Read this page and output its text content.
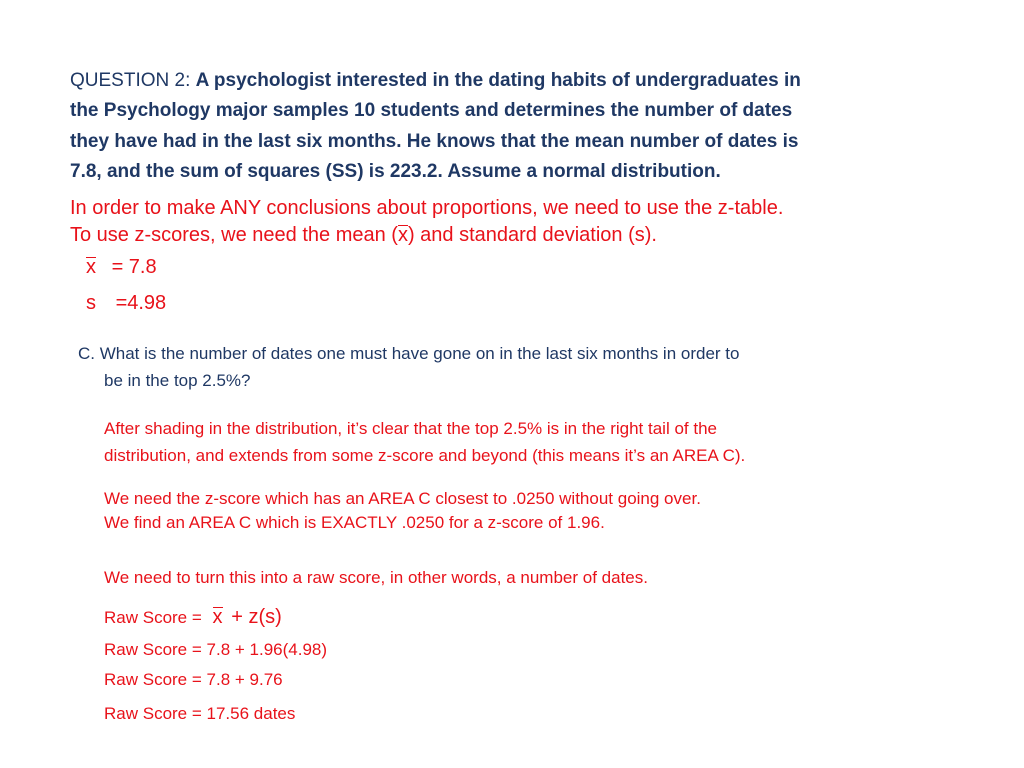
QUESTION 2: A psychologist interested in the dating habits of undergraduates in
the Psychology major samples 10 students and determines the number of dates
they have had in the last six months. He knows that the mean number of dates is
7.8, and the sum of squares (SS) is 223.2. Assume a normal distribution.
In order to make ANY conclusions about proportions, we need to use the z-table.
To use z-scores, we need the mean (x) and standard deviation (s).
x = 7.8
s =4.98
C. What is the number of dates one must have gone on in the last six months in order to
be in the top 2.5%?
After shading in the distribution, it’s clear that the top 2.5% is in the right tail of the
distribution, and extends from some z-score and beyond (this means it’s an AREA C).
We need the z-score which has an AREA C closest to .0250 without going over.
We find an AREA C which is EXACTLY .0250 for a z-score of 1.96.
We need to turn this into a raw score, in other words, a number of dates.
Raw Score = x + z(s)
Raw Score = 7.8 + 1.96(4.98)
Raw Score = 7.8 + 9.76
Raw Score = 17.56 dates
